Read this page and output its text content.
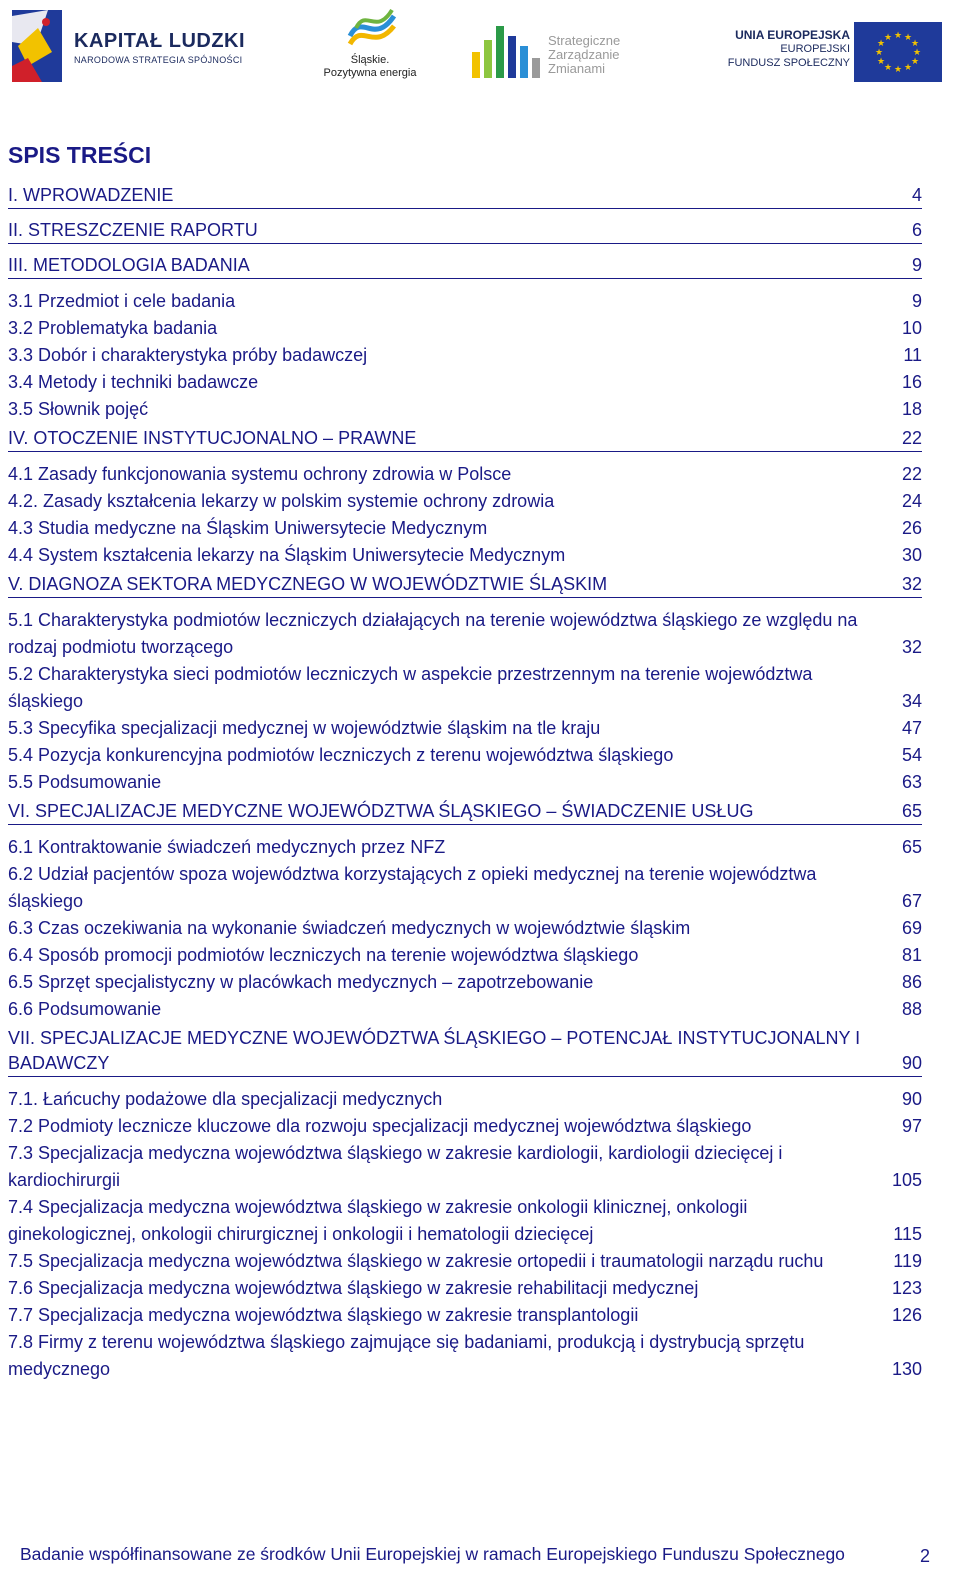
KAPITAŁ LUDZKI
NARODOWA STRATEGIA SPÓJNOŚCI	Śląskie.
Pozytywna energia
Strategiczne
Zarządzanie
Zmianami
UNIA EUROPEJSKA
EUROPEJSKI
FUNDUSZ SPOŁECZNY
★ ★
★
★
★
★
★
★
★
★
★
★
SPIS TREŚCI
I. WPROWADZENIE	4
II. STRESZCZENIE RAPORTU	6
III. METODOLOGIA BADANIA	9
3.1 Przedmiot i cele badania	9
3.2 Problematyka badania	10
3.3 Dobór i charakterystyka próby badawczej	11
3.4 Metody i techniki badawcze	16
3.5 Słownik pojęć	18
IV. OTOCZENIE INSTYTUCJONALNO – PRAWNE	22
4.1 Zasady funkcjonowania systemu ochrony zdrowia w Polsce	22
4.2. Zasady kształcenia lekarzy w polskim systemie ochrony zdrowia	24
4.3 Studia medyczne na Śląskim Uniwersytecie Medycznym	26
4.4 System kształcenia lekarzy na Śląskim Uniwersytecie Medycznym	30
V. DIAGNOZA SEKTORA MEDYCZNEGO W WOJEWÓDZTWIE ŚLĄSKIM	32
5.1 Charakterystyka podmiotów leczniczych działających na terenie województwa śląskiego ze względu na rodzaj podmiotu tworzącego	32
5.2 Charakterystyka sieci podmiotów leczniczych w aspekcie przestrzennym na terenie województwa śląskiego	34
5.3 Specyfika specjalizacji medycznej w województwie śląskim na tle kraju	47
5.4 Pozycja konkurencyjna podmiotów leczniczych z terenu województwa śląskiego	54
5.5 Podsumowanie	63
VI. SPECJALIZACJE MEDYCZNE WOJEWÓDZTWA ŚLĄSKIEGO – ŚWIADCZENIE USŁUG	65
6.1 Kontraktowanie świadczeń medycznych przez NFZ	65
6.2 Udział pacjentów spoza województwa korzystających z opieki medycznej na terenie województwa śląskiego	67
6.3 Czas oczekiwania na wykonanie świadczeń medycznych w województwie śląskim	69
6.4 Sposób promocji podmiotów leczniczych na terenie województwa śląskiego	81
6.5 Sprzęt specjalistyczny w placówkach medycznych – zapotrzebowanie	86
6.6 Podsumowanie	88
VII. SPECJALIZACJE MEDYCZNE WOJEWÓDZTWA ŚLĄSKIEGO – POTENCJAŁ INSTYTUCJONALNY I BADAWCZY	90
7.1. Łańcuchy podażowe dla specjalizacji medycznych	90
7.2 Podmioty lecznicze kluczowe dla rozwoju specjalizacji medycznej województwa śląskiego	97
7.3 Specjalizacja medyczna województwa śląskiego w zakresie kardiologii, kardiologii dziecięcej i kardiochirurgii	105
7.4 Specjalizacja medyczna województwa śląskiego w zakresie onkologii klinicznej, onkologii ginekologicznej, onkologii chirurgicznej i onkologii i hematologii dziecięcej	115
7.5 Specjalizacja medyczna województwa śląskiego w zakresie ortopedii i traumatologii narządu ruchu	119
7.6 Specjalizacja medyczna województwa śląskiego w zakresie rehabilitacji medycznej	123
7.7 Specjalizacja medyczna województwa śląskiego w zakresie transplantologii	126
7.8 Firmy z terenu województwa śląskiego zajmujące się badaniami, produkcją i dystrybucją sprzętu medycznego	130
Badanie współfinansowane ze środków Unii Europejskiej w ramach Europejskiego Funduszu Społecznego	2
